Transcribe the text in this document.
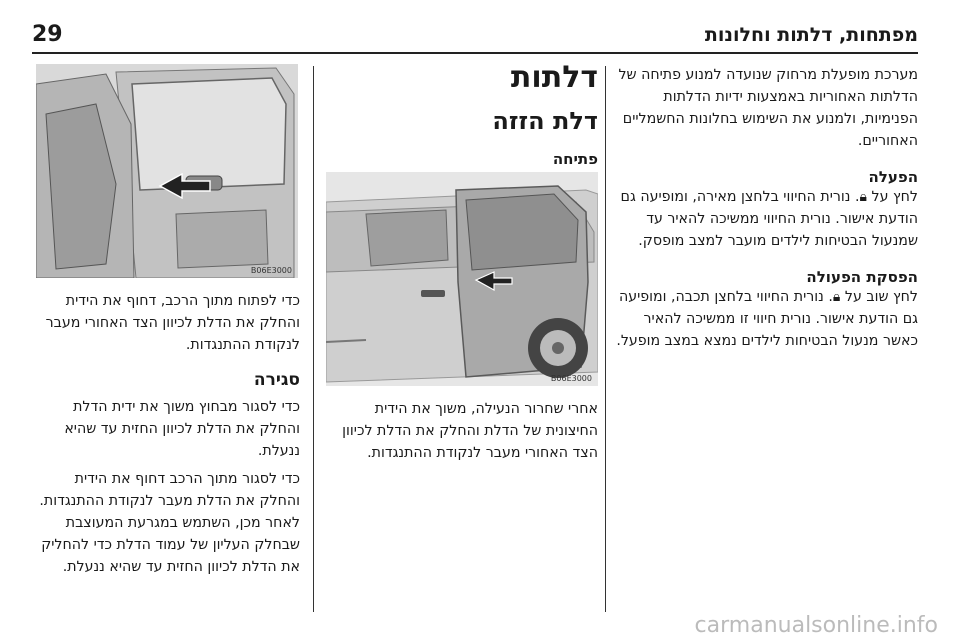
29	מפתחות, דלתות וחלונות

מערכת מופעלת מרחוק שנועדה למנוע פתיחה של הדלתות האחוריות באמצעות ידיות הדלתות הפנימיות, ולמנוע את השימוש בחלונות החשמליים האחוריים.

הפעלה

לחץ על 🔒︎. נורית החיווי בלחצן מאירה, ומופיעה גם הודעת אישור. נורית החיווי ממשיכה להאיר עד שמנעול הבטיחות לילדים מועבר למצב מופסק.

הפסקת הפעולה

לחץ שוב על 🔒︎. נורית החיווי בלחצן תכבה, ומופיעה גם הודעת אישור. נורית חיווי זו ממשיכה להאיר כאשר מנעול הבטיחות לילדים נמצא במצב מופעל.

דלתות
דלת הזזה
פתיחה
B06E3000

אחרי שחרור הנעילה, משוך את הידית החיצונית של הדלת והחלק את הדלת לכיוון הצד האחורי מעבר לנקודת ההתנגדות.

B06E3000

כדי לפתוח מתוך הרכב, דחוף את הידית והחלק את הדלת לכיוון הצד האחורי מעבר לנקודת ההתנגדות.

סגירה

כדי לסגור מבחוץ משוך את ידית הדלת והחלק את הדלת לכיוון החזית עד שהיא ננעלת.

כדי לסגור מתוך הרכב דחוף את הידית והחלק את הדלת מעבר לנקודת ההתנגדות. לאחר מכן, השתמש במגרעת המעוצבת שבחלק העליון של עמוד הדלת כדי להחליק את הדלת לכיוון החזית עד שהיא ננעלת.

carmanualsonline.info
